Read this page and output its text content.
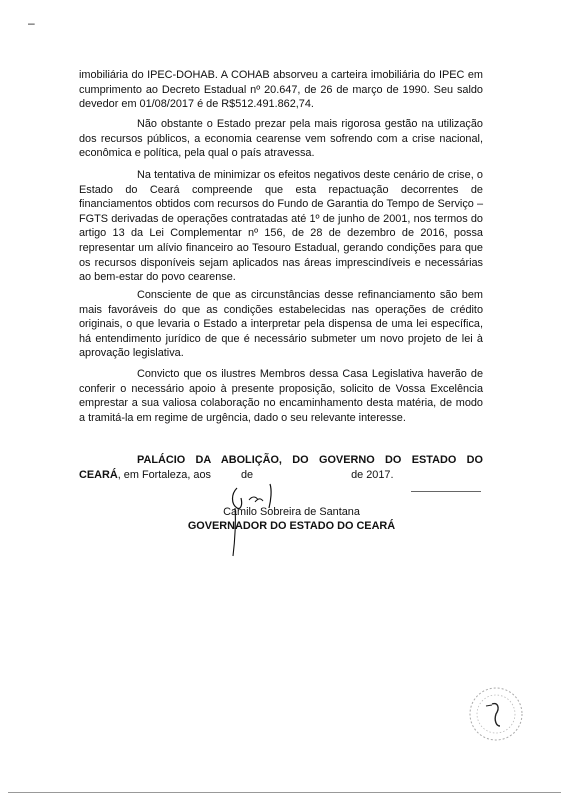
–

imobiliária do IPEC-DOHAB. A COHAB absorveu a carteira imobiliária do IPEC em cumprimento ao Decreto Estadual nº 20.647, de 26 de março de 1990. Seu saldo devedor em 01/08/2017 é de R$512.491.862,74.

Não obstante o Estado prezar pela mais rigorosa gestão na utilização dos recursos públicos, a economia cearense vem sofrendo com a crise nacional, econômica e política, pela qual o país atravessa.

Na tentativa de minimizar os efeitos negativos deste cenário de crise, o Estado do Ceará compreende que esta repactuação decorrentes de financiamentos obtidos com recursos do Fundo de Garantia do Tempo de Serviço – FGTS derivadas de operações contratadas até 1º de junho de 2001, nos termos do artigo 13 da Lei Complementar nº 156, de 28 de dezembro de 2016, possa representar um alívio financeiro ao Tesouro Estadual, gerando condições para que os recursos disponíveis sejam aplicados nas áreas imprescindíveis e necessárias ao bem-estar do povo cearense.

Consciente de que as circunstâncias desse refinanciamento são bem mais favoráveis do que as condições estabelecidas nas operações de crédito originais, o que levaria o Estado a interpretar pela dispensa de uma lei específica, há entendimento jurídico de que é necessário submeter um novo projeto de lei à aprovação legislativa.

Convicto que os ilustres Membros dessa Casa Legislativa haverão de conferir o necessário apoio à presente proposição, solicito de Vossa Excelência emprestar a sua valiosa colaboração no encaminhamento desta matéria, de modo a tramitá-la em regime de urgência, dado o seu relevante interesse.

PALÁCIO DA ABOLIÇÃO, DO GOVERNO DO ESTADO DO
CEARÁ, em Fortaleza, aos	de	de 2017.
Camilo Sobreira de Santana
GOVERNADOR DO ESTADO DO CEARÁ
